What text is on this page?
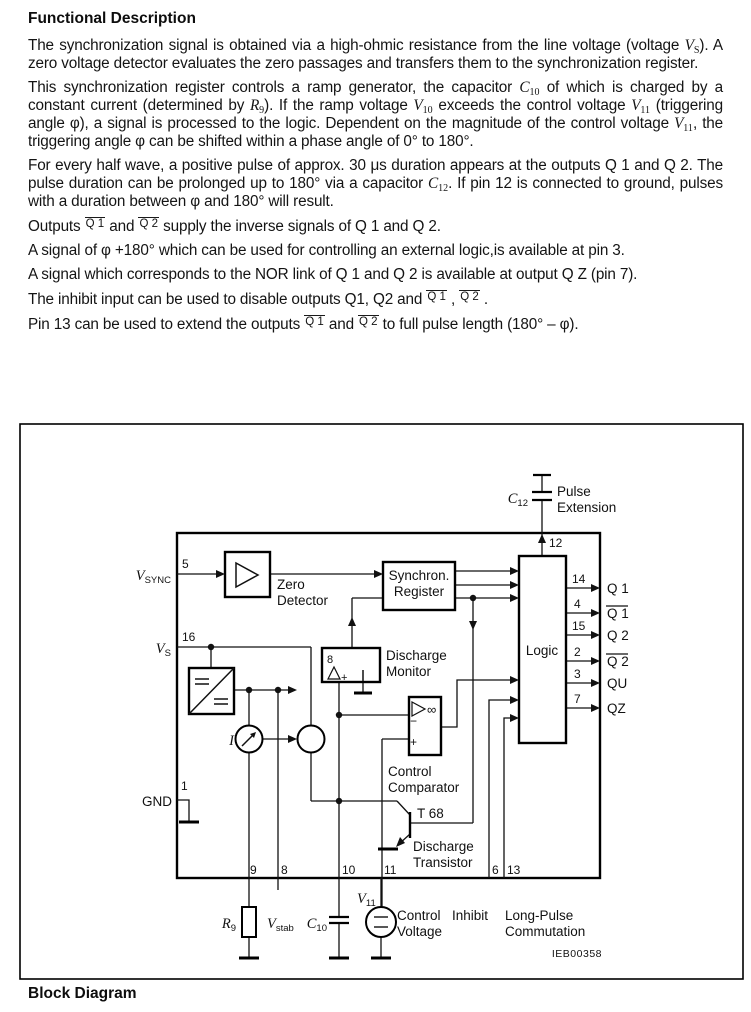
Functional Description

The synchronization signal is obtained via a high-ohmic resistance from the line voltage (voltage $V_S$). A zero voltage detector evaluates the zero passages and transfers them to the synchronization register.

This synchronization register controls a ramp generator, the capacitor $C_{10}$ of which is charged by a constant current (determined by $R_9$). If the ramp voltage $V_{10}$ exceeds the control voltage $V_{11}$ (triggering angle φ), a signal is processed to the logic. Dependent on the magnitude of the control voltage $V_{11}$, the triggering angle φ can be shifted within a phase angle of 0° to 180°.

For every half wave, a positive pulse of approx. 30 μs duration appears at the outputs Q 1 and Q 2. The pulse duration can be prolonged up to 180° via a capacitor $C_{12}$. If pin 12 is connected to ground, pulses with a duration between φ and 180° will result.

Outputs Q 1 and Q 2 supply the inverse signals of Q 1 and Q 2.

A signal of φ +180° which can be used for controlling an external logic,is available at pin 3.

A signal which corresponds to the NOR link of Q 1 and Q 2 is available at output Q Z (pin 7).

The inhibit input can be used to disable outputs Q1, Q2 and Q 1 , Q 2 .

Pin 13 can be used to extend the outputs Q 1 and Q 2 to full pulse length (180° – φ).

Zero
Detector
Synchron.
Register
Discharge
Monitor
Logic
Control
Comparator
T 68
Discharge
Transistor
Pulse
Extension
Control
Voltage
Inhibit Long-Pulse
Commutation
IEB00358
∞
−
+
+
8
5
16
1
12
9 8	10 11	6 13
$V_{SYNC}$
$V_S$
GND
$C_{12}$
$R_9$ $V_{stab}$ $C_{10}$
$V_{11}$
I
14
4
15
2
3
7
Q 1
Q 1
Q 2
Q 2
QU
QZ
Block Diagram
